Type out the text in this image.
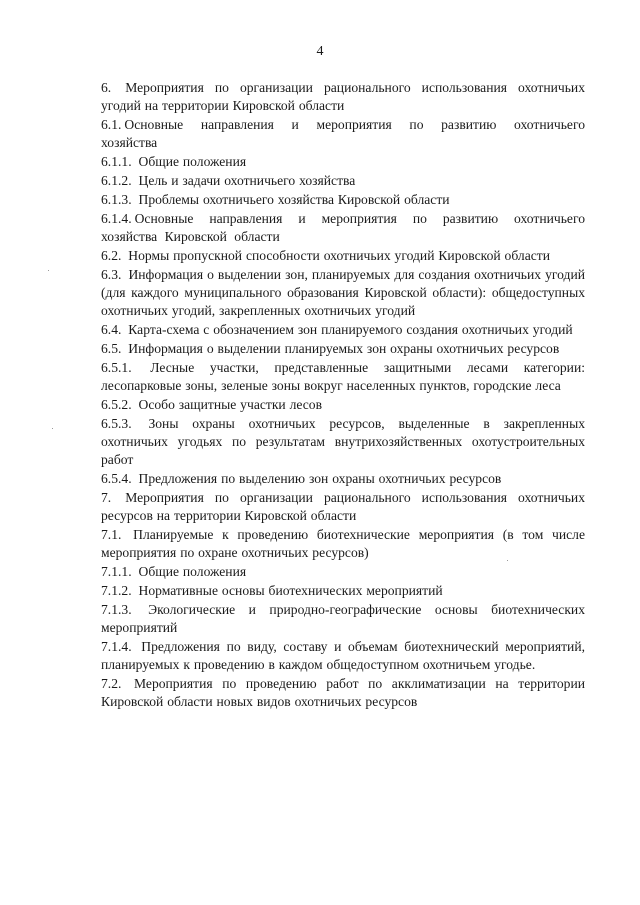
4

6. Мероприятия по организации рационального использования охотничьих угодий на территории Кировской области

6.1. Основные направления и мероприятия по развитию охотничьего хозяйства

6.1.1. Общие положения

6.1.2. Цель и задачи охотничьего хозяйства

6.1.3. Проблемы охотничьего хозяйства Кировской области

6.1.4. Основные направления и мероприятия по развитию охотничьего хозяйства Кировской области

6.2. Нормы пропускной способности охотничьих угодий Кировской области

6.3. Информация о выделении зон, планируемых для создания охотничьих угодий (для каждого муниципального образования Кировской области): общедоступных охотничьих угодий, закрепленных охотничьих угодий

6.4. Карта-схема с обозначением зон планируемого создания охотничьих угодий

6.5. Информация о выделении планируемых зон охраны охотничьих ресурсов

6.5.1. Лесные участки, представленные защитными лесами категории: лесопарковые зоны, зеленые зоны вокруг населенных пунктов, городские леса

6.5.2. Особо защитные участки лесов

6.5.3. Зоны охраны охотничьих ресурсов, выделенные в закрепленных охотничьих угодьях по результатам внутрихозяйственных охотустроительных работ

6.5.4. Предложения по выделению зон охраны охотничьих ресурсов

7. Мероприятия по организации рационального использования охотничьих ресурсов на территории Кировской области

7.1. Планируемые к проведению биотехнические мероприятия (в том числе мероприятия по охране охотничьих ресурсов)

7.1.1. Общие положения

7.1.2. Нормативные основы биотехнических мероприятий

7.1.3. Экологические и природно-географические основы биотехнических мероприятий

7.1.4. Предложения по виду, составу и объемам биотехнический мероприятий, планируемых к проведению в каждом общедоступном охотничьем угодье.

7.2. Мероприятия по проведению работ по акклиматизации на территории Кировской области новых видов охотничьих ресурсов
